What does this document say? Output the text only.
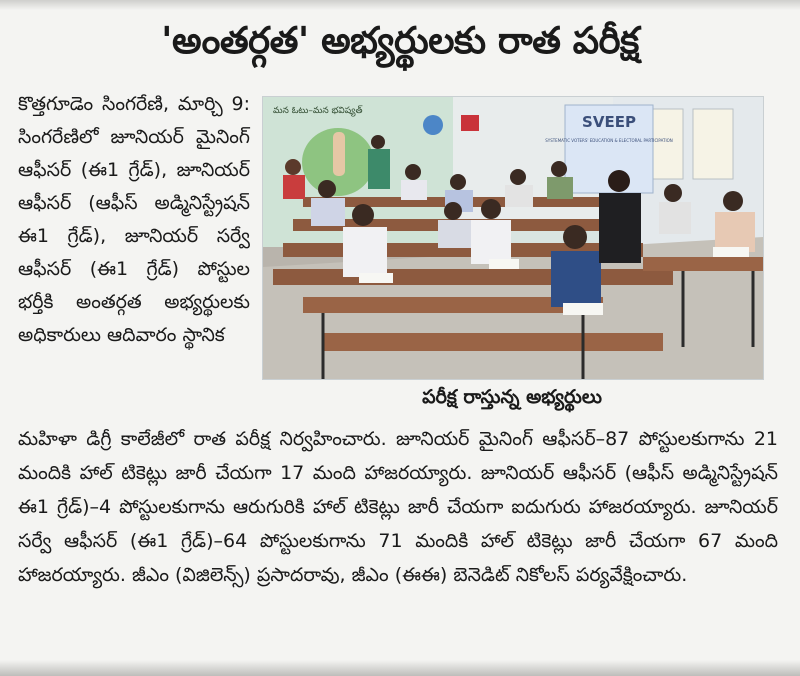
'అంతర్గత' అభ్యర్థులకు రాత పరీక్ష

కొత్తగూడెం సింగరేణి, మార్చి 9: సింగరేణిలో జూనియర్ మైనింగ్ ఆఫీసర్ (ఈ1 గ్రేడ్), జూనియర్ ఆఫీసర్ (ఆఫీస్ అడ్మినిస్ట్రేషన్ ఈ1 గ్రేడ్), జూనియర్ సర్వే ఆఫీసర్ (ఈ1 గ్రేడ్) పోస్టుల భర్తీకి అంతర్గత అభ్యర్థులకు అధికారులు ఆదివారం స్థానిక

SVEEP
SYSTEMATIC VOTERS' EDUCATION & ELECTORAL PARTICIPATION
మన ఓటు–మన భవిష్యత్
పరీక్ష రాస్తున్న అభ్యర్థులు

మహిళా డిగ్రీ కాలేజీలో రాత పరీక్ష నిర్వహించారు. జూనియర్ మైనింగ్ ఆఫీసర్–87 పోస్టులకుగాను 21 మందికి హాల్ టికెట్లు జారీ చేయగా 17 మంది హాజరయ్యారు. జూనియర్ ఆఫీసర్ (ఆఫీస్ అడ్మినిస్ట్రేషన్ ఈ1 గ్రేడ్)–4 పోస్టులకుగాను ఆరుగురికి హాల్ టికెట్లు జారీ చేయగా ఐదుగురు హాజరయ్యారు. జూనియర్ సర్వే ఆఫీసర్ (ఈ1 గ్రేడ్)–64 పోస్టులకుగాను 71 మందికి హాల్ టికెట్లు జారీ చేయగా 67 మంది హాజరయ్యారు. జీఎం (విజిలెన్స్) ప్రసాదరావు, జీఎం (ఈఈ) బెనెడిట్ నికోలస్ పర్యవేక్షించారు.
